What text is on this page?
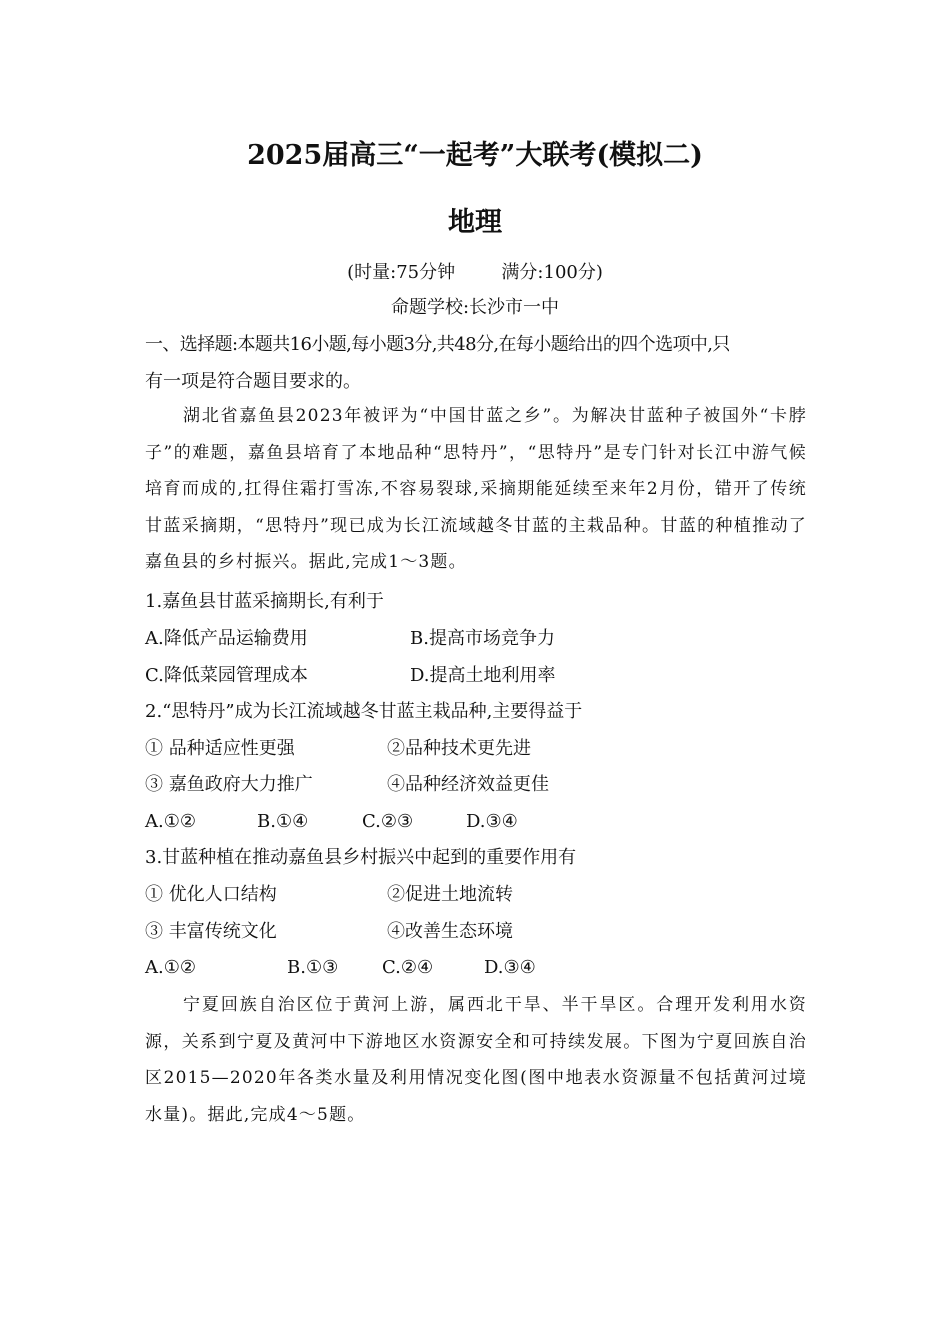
2025届高三“一起考”大联考(模拟二)
地理
(时量:75分钟      满分:100分)
命题学校:长沙市一中
一、选择题:本题共16小题,每小题3分,共48分,在每小题给出的四个选项中,只
有一项是符合题目要求的。
湖北省嘉鱼县2023年被评为“中国甘蓝之乡”。为解决甘蓝种子被国外“卡脖子”的难题，嘉鱼县培育了本地品种“思特丹”，“思特丹”是专门针对长江中游气候培育而成的,扛得住霜打雪冻,不容易裂球,采摘期能延续至来年2月份，错开了传统甘蓝采摘期，“思特丹”现已成为长江流域越冬甘蓝的主栽品种。甘蓝的种植推动了嘉鱼县的乡村振兴。据此,完成1～3题。
1.嘉鱼县甘蓝采摘期长,有利于
A.降低产品运输费用	B.提高市场竞争力
C.降低菜园管理成本	D.提高土地利用率
2.“思特丹”成为长江流域越冬甘蓝主栽品种,主要得益于
① 品种适应性更强	②品种技术更先进
③ 嘉鱼政府大力推广	④品种经济效益更佳
A.①②	B.①④	C.②③	D.③④
3.甘蓝种植在推动嘉鱼县乡村振兴中起到的重要作用有
① 优化人口结构	②促进土地流转
③ 丰富传统文化	④改善生态环境
A.①②	B.①③ C.②④	D.③④
宁夏回族自治区位于黄河上游，属西北干旱、半干旱区。合理开发利用水资源，关系到宁夏及黄河中下游地区水资源安全和可持续发展。下图为宁夏回族自治区2015—2020年各类水量及利用情况变化图(图中地表水资源量不包括黄河过境水量)。据此,完成4～5题。
